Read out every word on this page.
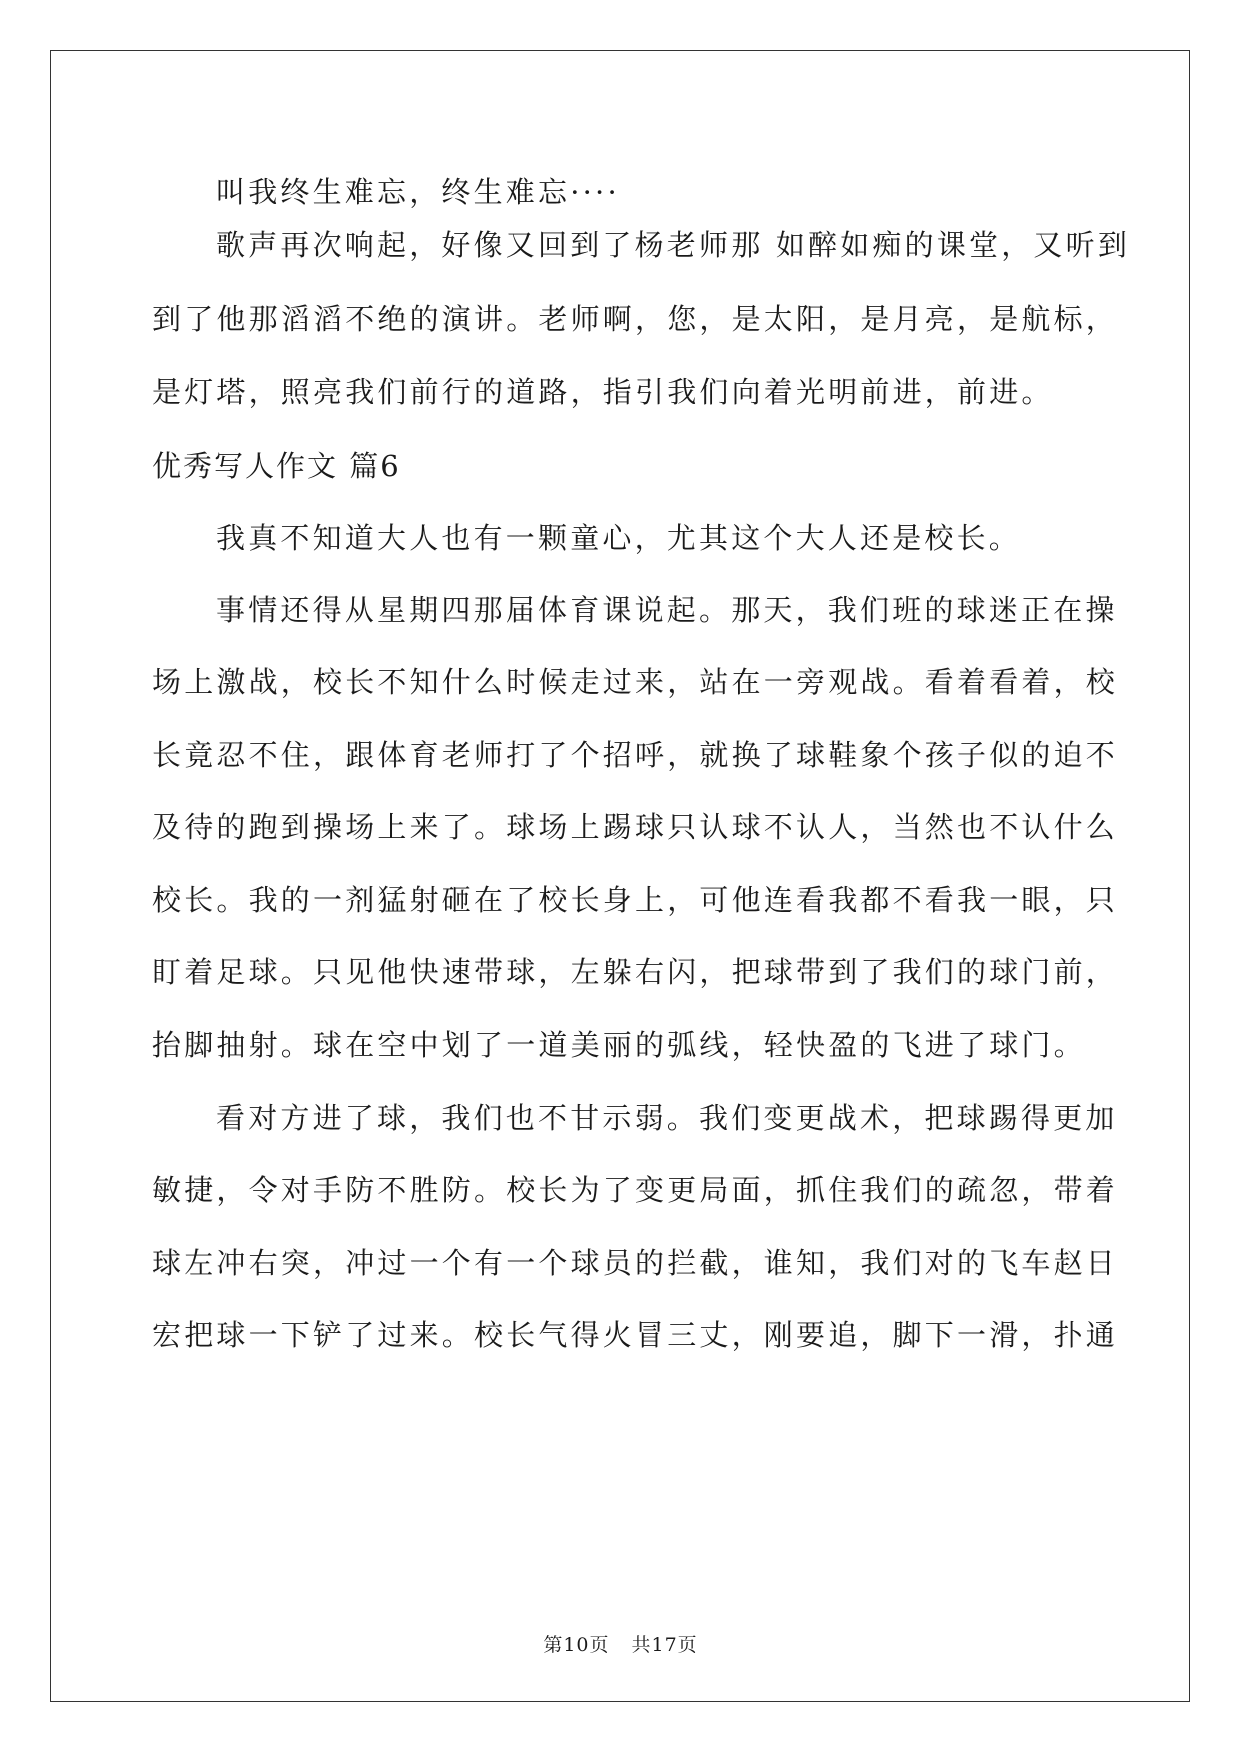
叫我终生难忘，终生难忘····
歌声再次响起，好像又回到了杨老师那 如醉如痴的课堂，又听到
到了他那滔滔不绝的演讲。老师啊，您，是太阳，是月亮，是航标，
是灯塔，照亮我们前行的道路，指引我们向着光明前进，前进。
优秀写人作文 篇6
我真不知道大人也有一颗童心，尤其这个大人还是校长。
事情还得从星期四那届体育课说起。那天，我们班的球迷正在操
场上激战，校长不知什么时候走过来，站在一旁观战。看着看着，校
长竟忍不住，跟体育老师打了个招呼，就换了球鞋象个孩子似的迫不
及待的跑到操场上来了。球场上踢球只认球不认人，当然也不认什么
校长。我的一剂猛射砸在了校长身上，可他连看我都不看我一眼，只
盯着足球。只见他快速带球，左躲右闪，把球带到了我们的球门前，
抬脚抽射。球在空中划了一道美丽的弧线，轻快盈的飞进了球门。
看对方进了球，我们也不甘示弱。我们变更战术，把球踢得更加
敏捷，令对手防不胜防。校长为了变更局面，抓住我们的疏忽，带着
球左冲右突，冲过一个有一个球员的拦截，谁知，我们对的飞车赵日
宏把球一下铲了过来。校长气得火冒三丈，刚要追，脚下一滑，扑通
第10页 共17页
